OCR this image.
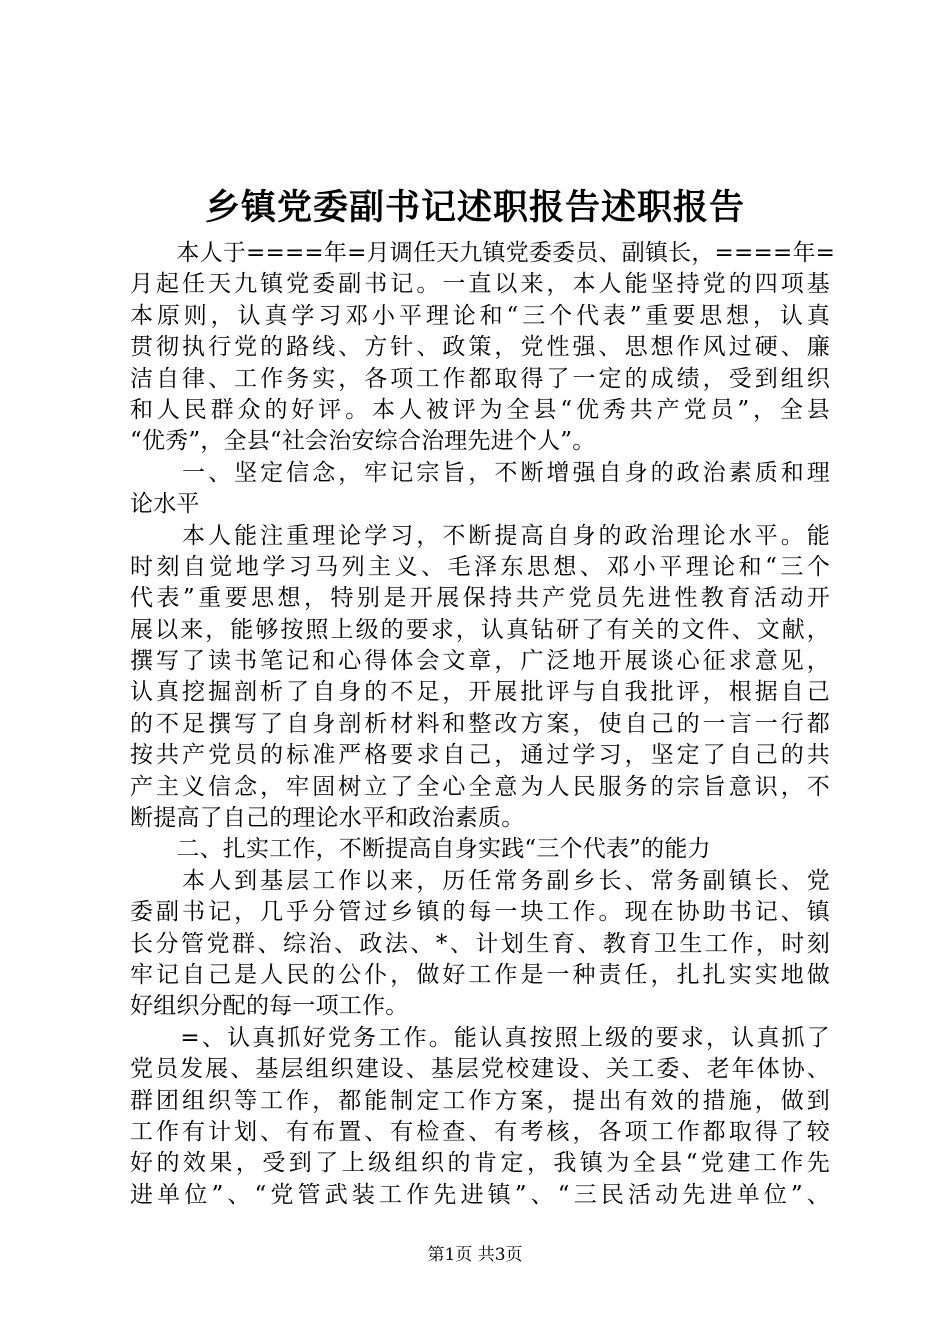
乡镇党委副书记述职报告述职报告
　　本人于====年=月调任天九镇党委委员、副镇长，====年=
月起任天九镇党委副书记。一直以来，本人能坚持党的四项基
本原则，认真学习邓小平理论和“三个代表”重要思想，认真
贯彻执行党的路线、方针、政策，党性强、思想作风过硬、廉
洁自律、工作务实，各项工作都取得了一定的成绩，受到组织
和人民群众的好评。本人被评为全县“优秀共产党员”，全县
“优秀”，全县“社会治安综合治理先进个人”。
　　一、坚定信念，牢记宗旨，不断增强自身的政治素质和理
论水平
　　本人能注重理论学习，不断提高自身的政治理论水平。能
时刻自觉地学习马列主义、毛泽东思想、邓小平理论和“三个
代表”重要思想，特别是开展保持共产党员先进性教育活动开
展以来，能够按照上级的要求，认真钻研了有关的文件、文献，
撰写了读书笔记和心得体会文章，广泛地开展谈心征求意见，
认真挖掘剖析了自身的不足，开展批评与自我批评，根据自己
的不足撰写了自身剖析材料和整改方案，使自己的一言一行都
按共产党员的标准严格要求自己，通过学习，坚定了自己的共
产主义信念，牢固树立了全心全意为人民服务的宗旨意识，不
断提高了自己的理论水平和政治素质。
　　二、扎实工作，不断提高自身实践“三个代表”的能力
　　本人到基层工作以来，历任常务副乡长、常务副镇长、党
委副书记，几乎分管过乡镇的每一块工作。现在协助书记、镇
长分管党群、综治、政法、*、计划生育、教育卫生工作，时刻
牢记自己是人民的公仆，做好工作是一种责任，扎扎实实地做
好组织分配的每一项工作。
　　=、认真抓好党务工作。能认真按照上级的要求，认真抓了
党员发展、基层组织建设、基层党校建设、关工委、老年体协、
群团组织等工作，都能制定工作方案，提出有效的措施，做到
工作有计划、有布置、有检查、有考核，各项工作都取得了较
好的效果，受到了上级组织的肯定，我镇为全县“党建工作先
进单位”、“党管武装工作先进镇”、“三民活动先进单位”、

第1页 共3页
